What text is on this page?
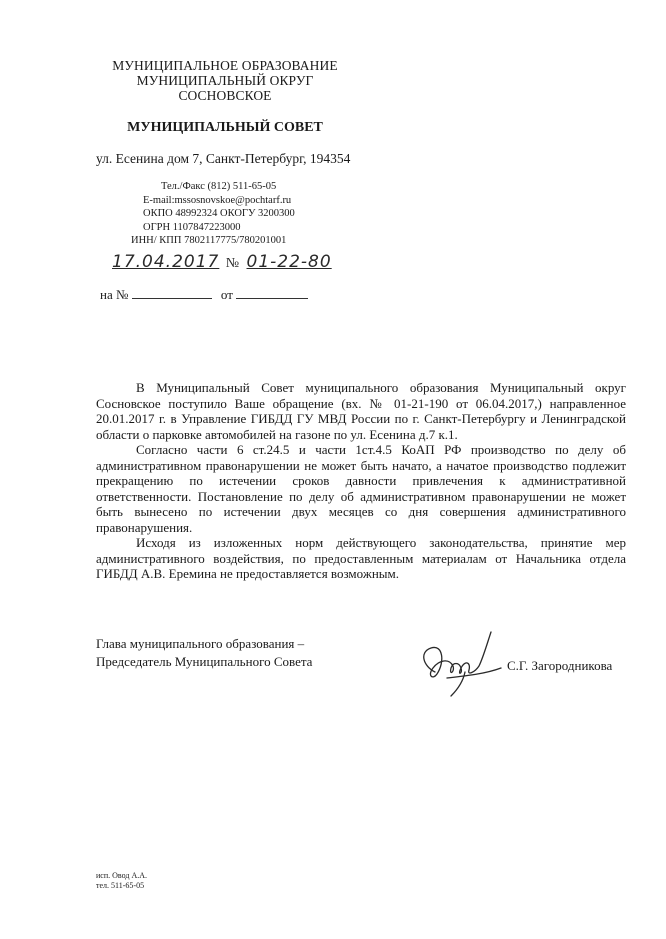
МУНИЦИПАЛЬНОЕ ОБРАЗОВАНИЕ
МУНИЦИПАЛЬНЫЙ ОКРУГ
СОСНОВСКОЕ
МУНИЦИПАЛЬНЫЙ СОВЕТ
ул. Есенина дом 7, Санкт-Петербург, 194354
Тел./Факс (812) 511-65-05
E-mail:mssosnovskoe@pochtarf.ru
ОКПО 48992324 ОКОГУ 3200300
ОГРН 1107847223000
ИНН/ КПП 7802117775/780201001
17.04.2017 № 01-22-80
на №	от

В Муниципальный Совет муниципального образования Муниципальный округ Сосновское поступило Ваше обращение (вх. № 01-21-190 от 06.04.2017,) направленное 20.01.2017 г. в Управление ГИБДД ГУ МВД России по г. Санкт-Петербургу и Ленинградской области о парковке автомобилей на газоне по ул. Есенина д.7 к.1.

Согласно части 6 ст.24.5 и части 1ст.4.5 КоАП РФ производство по делу об административном правонарушении не может быть начато, а начатое производство подлежит прекращению по истечении сроков давности привлечения к административной ответственности. Постановление по делу об административном правонарушении не может быть вынесено по истечении двух месяцев со дня совершения административного правонарушения.

Исходя из изложенных норм действующего законодательства, принятие мер административного воздействия, по предоставленным материалам от Начальника отдела ГИБДД А.В. Еремина не предоставляется возможным.

Глава муниципального образования –
Председатель Муниципального Совета	С.Г. Загородникова
исп. Овод А.А.
тел. 511-65-05
